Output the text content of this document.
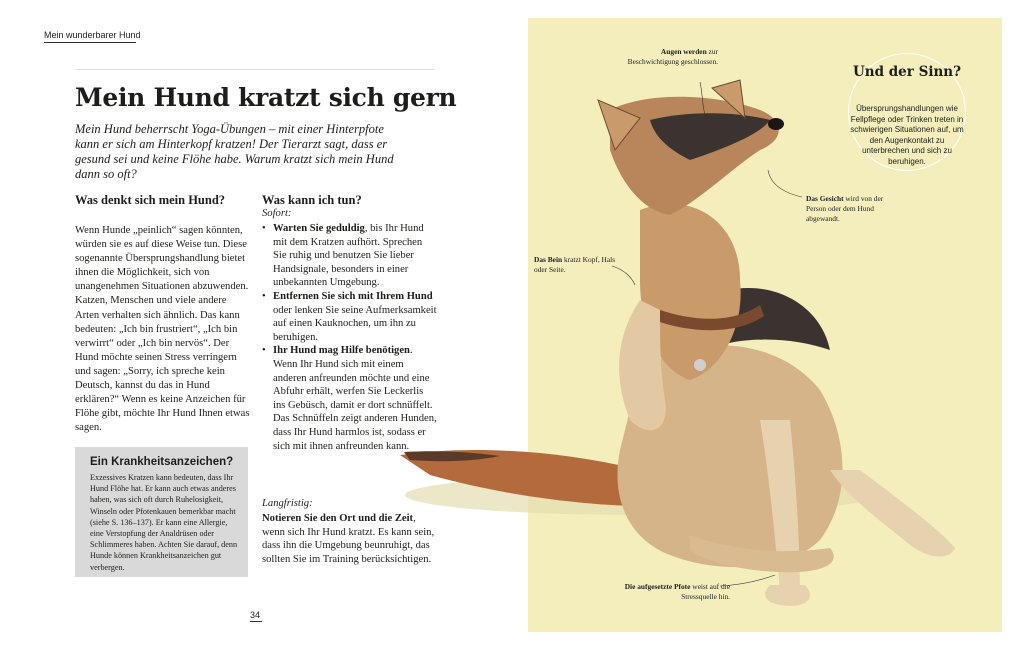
Mein wunderbarer Hund
Mein Hund kratzt sich gern

Mein Hund beherrscht Yoga-Übungen – mit einer Hinterpfote kann er sich am Hinterkopf kratzen! Der Tierarzt sagt, dass er gesund sei und keine Flöhe habe. Warum kratzt sich mein Hund dann so oft?

Was denkt sich mein Hund?

Wenn Hunde „peinlich“ sagen könnten, würden sie es auf diese Weise tun. Diese sogenannte Übersprungshandlung bietet ihnen die Möglichkeit, sich von unangenehmen Situationen abzuwenden. Katzen, Menschen und viele andere Arten verhalten sich ähnlich. Das kann bedeuten: „Ich bin frustriert“, „Ich bin verwirrt“ oder „Ich bin nervös“. Der Hund möchte seinen Stress verringern und sagen: „Sorry, ich spreche kein Deutsch, kannst du das in Hund erklären?“ Wenn es keine Anzeichen für Flöhe gibt, möchte Ihr Hund Ihnen etwas sagen.

Was kann ich tun?
Sofort:
• Warten Sie geduldig, bis Ihr Hund mit dem Kratzen aufhört. Sprechen Sie ruhig und benutzen Sie lieber Handsignale, besonders in einer unbekannten Umgebung.
• Entfernen Sie sich mit Ihrem Hund oder lenken Sie seine Aufmerksamkeit auf einen Kauknochen, um ihn zu beruhigen.
• Ihr Hund mag Hilfe benötigen. Wenn Ihr Hund sich mit einem anderen anfreunden möchte und eine Abfuhr erhält, werfen Sie Leckerlis ins Gebüsch, damit er dort schnüffelt. Das Schnüffeln zeigt anderen Hunden, dass Ihr Hund harmlos ist, sodass er sich mit ihnen anfreunden kann.
Langfristig:

Notieren Sie den Ort und die Zeit, wenn sich Ihr Hund kratzt. Es kann sein, dass ihn die Umgebung beunruhigt, das sollten Sie im Training berücksichtigen.

Ein Krankheitsanzeichen?

Exzessives Kratzen kann bedeuten, dass Ihr Hund Flöhe hat. Er kann auch etwas anderes haben, was sich oft durch Ruhelosigkeit, Winseln oder Pfotenkauen bemerkbar macht (siehe S. 136–137). Er kann eine Allergie, eine Verstopfung der Analdrüsen oder Schlimmeres haben. Achten Sie darauf, denn Hunde können Krankheitsanzeichen gut verbergen.

34
Und der Sinn?

Übersprungshandlungen wie Fellpflege oder Trinken treten in schwierigen Situationen auf, um den Augenkontakt zu unterbrechen und sich zu beruhigen.

Augen werden zur Beschwichtigung geschlossen.

Das Gesicht wird von der Person oder dem Hund abgewandt.

Das Bein kratzt Kopf, Hals oder Seite.

Die aufgesetzte Pfote weist auf die Stressquelle hin.
